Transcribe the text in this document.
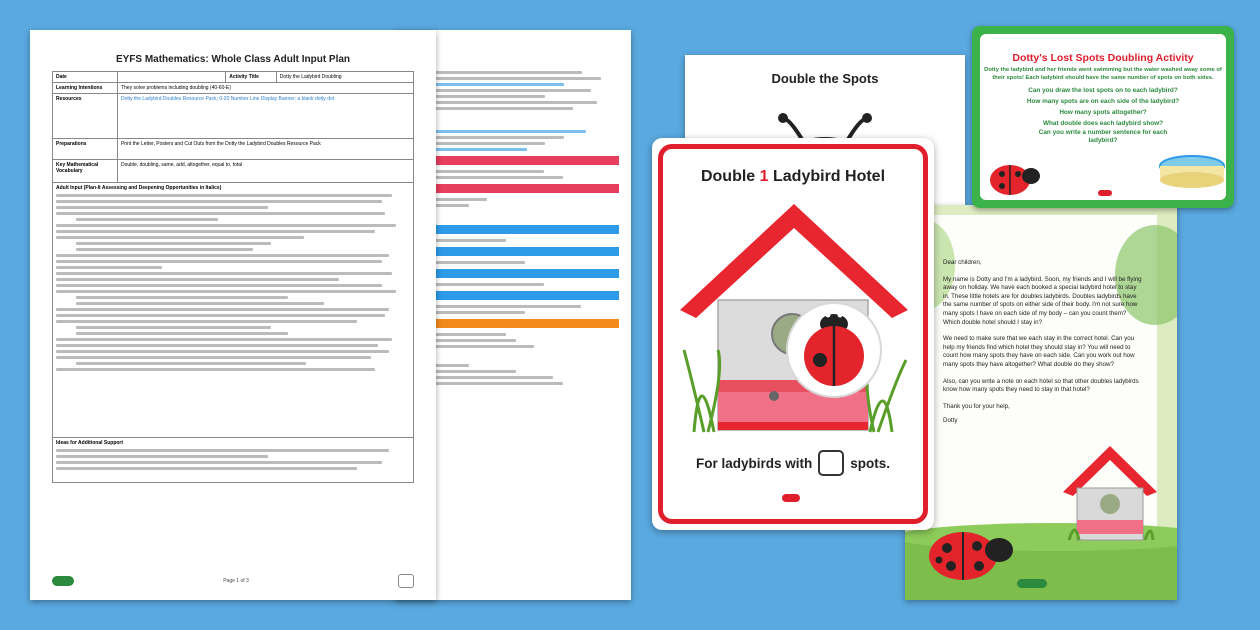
EYFS Mathematics: Whole Class Adult Input Plan
Date		Activity Title	Dotty the Ladybird Doubling
Learning Intentions	They solve problems including doubling (40-60-E)		
Resources	Dotty the Ladybird Doubles Resource Pack; 0-20 Number Line Display Banner; a blank dotty dot		
Preparations	Print the Letter, Posters and Cut Outs from the Dotty the Ladybird Doubles Resource Pack		
Key Mathematical Vocabulary	Double, doubling, same, add, altogether, equal to, total		

Adult Input (Plan-It Assessing and Deepening Opportunities in Italics)			

Ideas for Additional Support			
Page 1 of 3
Double the Spots
Dear children,
My name is Dotty and I'm a ladybird. Soon, my friends and I will be flying away on holiday. We have each booked a special ladybird hotel to stay in. These little hotels are for doubles ladybirds. Doubles ladybirds have the same number of spots on either side of their body. I'm not sure how many spots I have on each side of my body – can you count them? Which double hotel should I stay in?
We need to make sure that we each stay in the correct hotel. Can you help my friends find which hotel they should stay in? You will need to count how many spots they have on each side. Can you work out how many spots they have altogether? What double do they show?
Also, can you write a note on each hotel so that other doubles ladybirds know how many spots they need to stay in that hotel?
Thank you for your help,
Dotty
Dotty's Lost Spots Doubling Activity
Dotty the ladybird and her friends went swimming but the water washed away some of their spots! Each ladybird should have the same number of spots on both sides.
Can you draw the lost spots on to each ladybird?
How many spots are on each side of the ladybird?
How many spots altogether?
What double does each ladybird show?
Can you write a number sentence for each ladybird?
Double 1 Ladybird Hotel
For ladybirds with	spots.
